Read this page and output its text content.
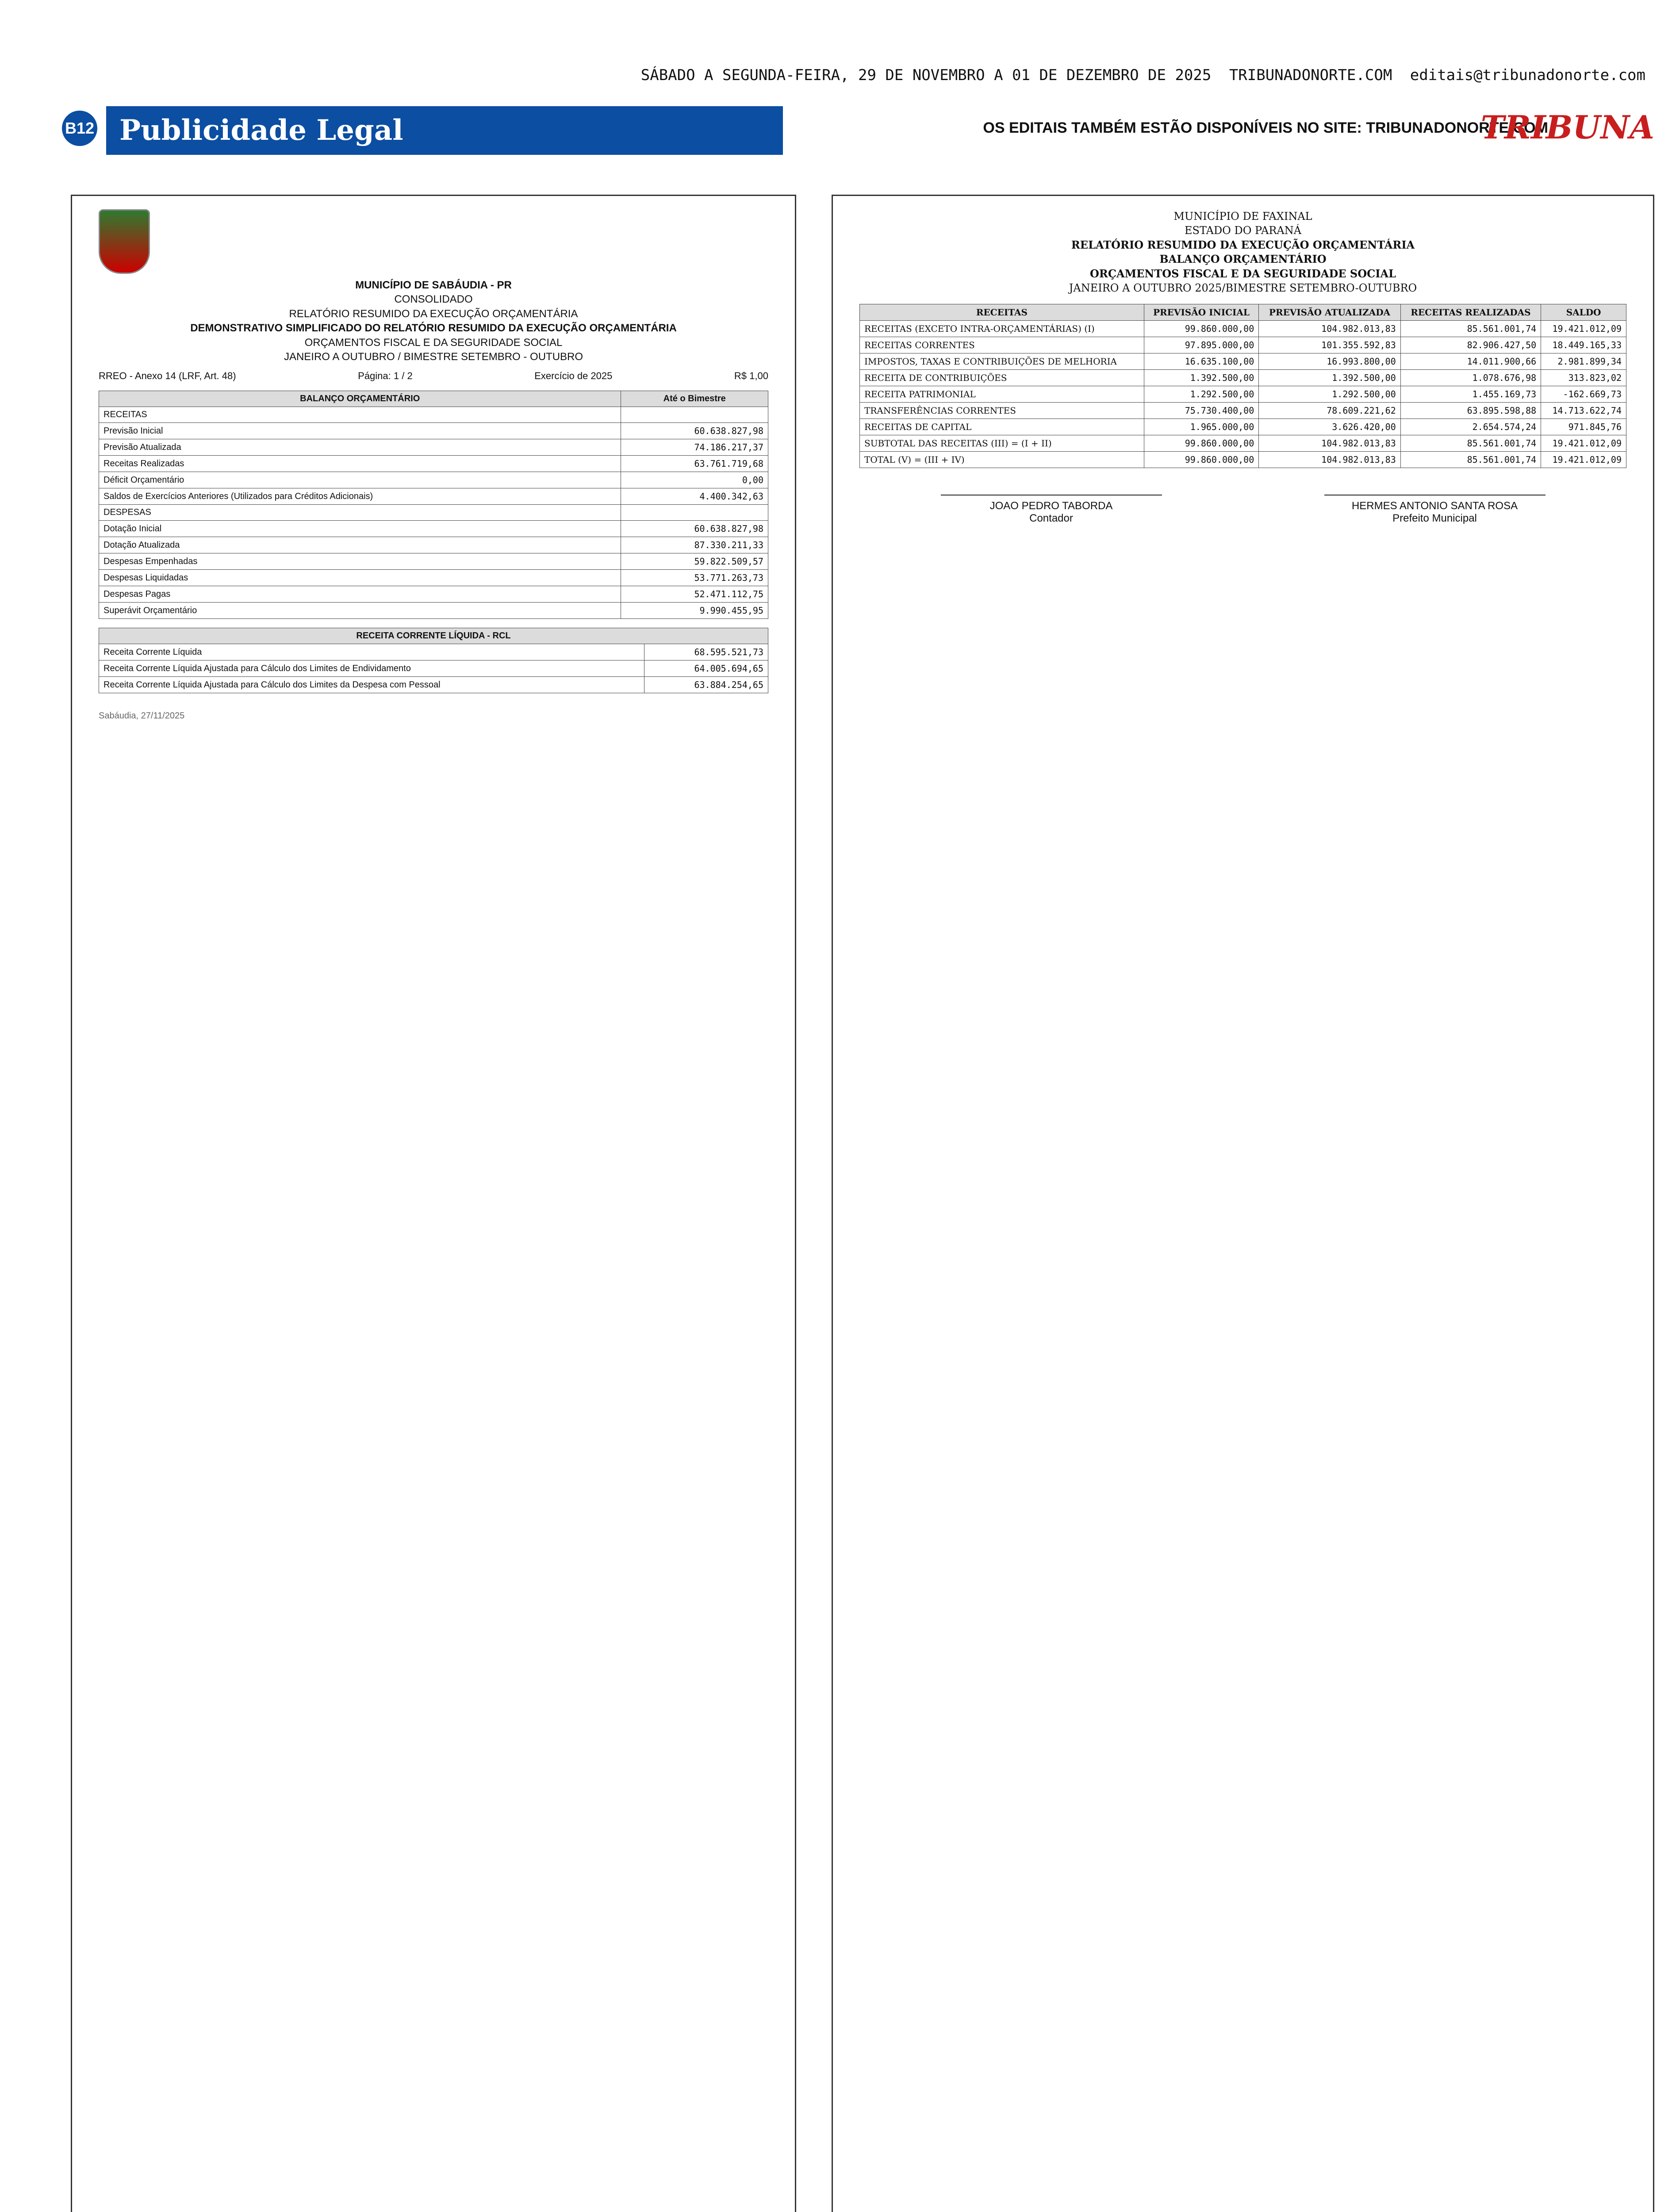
SÁBADO A SEGUNDA-FEIRA, 29 DE NOVEMBRO A 01 DE DEZEMBRO DE 2025 TRIBUNADONORTE.COM editais@tribunadonorte.com
B12 Publicidade Legal	OS EDITAIS TAMBÉM ESTÃO DISPONÍVEIS NO SITE: TRIBUNADONORTE.COM
TRIBUNA
MUNICÍPIO DE SABÁUDIA - PR
CONSOLIDADO
RELATÓRIO RESUMIDO DA EXECUÇÃO ORÇAMENTÁRIA
DEMONSTRATIVO SIMPLIFICADO DO RELATÓRIO RESUMIDO DA EXECUÇÃO ORÇAMENTÁRIA
ORÇAMENTOS FISCAL E DA SEGURIDADE SOCIAL
JANEIRO A OUTUBRO / BIMESTRE SETEMBRO - OUTUBRO
RREO - Anexo 14 (LRF, Art. 48)	Página: 1 / 2	Exercício de 2025	R$ 1,00
BALANÇO ORÇAMENTÁRIO	Até o Bimestre
RECEITAS	
Previsão Inicial	60.638.827,98
Previsão Atualizada	74.186.217,37
Receitas Realizadas	63.761.719,68
Déficit Orçamentário	0,00
Saldos de Exercícios Anteriores (Utilizados para Créditos Adicionais)	4.400.342,63
DESPESAS	
Dotação Inicial	60.638.827,98
Dotação Atualizada	87.330.211,33
Despesas Empenhadas	59.822.509,57
Despesas Liquidadas	53.771.263,73
Despesas Pagas	52.471.112,75
Superávit Orçamentário	9.990.455,95
RECEITA CORRENTE LÍQUIDA - RCL	
Receita Corrente Líquida	68.595.521,73
Receita Corrente Líquida Ajustada para Cálculo dos Limites de Endividamento	64.005.694,65
Receita Corrente Líquida Ajustada para Cálculo dos Limites da Despesa com Pessoal	63.884.254,65
Sabáudia, 27/11/2025
MUNICÍPIO DE FAXINAL
ESTADO DO PARANÁ
RELATÓRIO RESUMIDO DA EXECUÇÃO ORÇAMENTÁRIA
BALANÇO ORÇAMENTÁRIO
ORÇAMENTOS FISCAL E DA SEGURIDADE SOCIAL
JANEIRO A OUTUBRO 2025/BIMESTRE SETEMBRO-OUTUBRO
RECEITAS	PREVISÃO INICIAL	PREVISÃO ATUALIZADA	RECEITAS REALIZADAS	SALDO
RECEITAS (EXCETO INTRA-ORÇAMENTÁRIAS) (I)	99.860.000,00	104.982.013,83	85.561.001,74	19.421.012,09
RECEITAS CORRENTES	97.895.000,00	101.355.592,83	82.906.427,50	18.449.165,33
IMPOSTOS, TAXAS E CONTRIBUIÇÕES DE MELHORIA	16.635.100,00	16.993.800,00	14.011.900,66	2.981.899,34
RECEITA DE CONTRIBUIÇÕES	1.392.500,00	1.392.500,00	1.078.676,98	313.823,02
RECEITA PATRIMONIAL	1.292.500,00	1.292.500,00	1.455.169,73	-162.669,73
TRANSFERÊNCIAS CORRENTES	75.730.400,00	78.609.221,62	63.895.598,88	14.713.622,74
RECEITAS DE CAPITAL	1.965.000,00	3.626.420,00	2.654.574,24	971.845,76
SUBTOTAL DAS RECEITAS (III) = (I + II)	99.860.000,00	104.982.013,83	85.561.001,74	19.421.012,09
TOTAL (V) = (III + IV)	99.860.000,00	104.982.013,83	85.561.001,74	19.421.012,09
JOAO PEDRO TABORDA
Contador
HERMES ANTONIO SANTA ROSA
Prefeito Municipal
